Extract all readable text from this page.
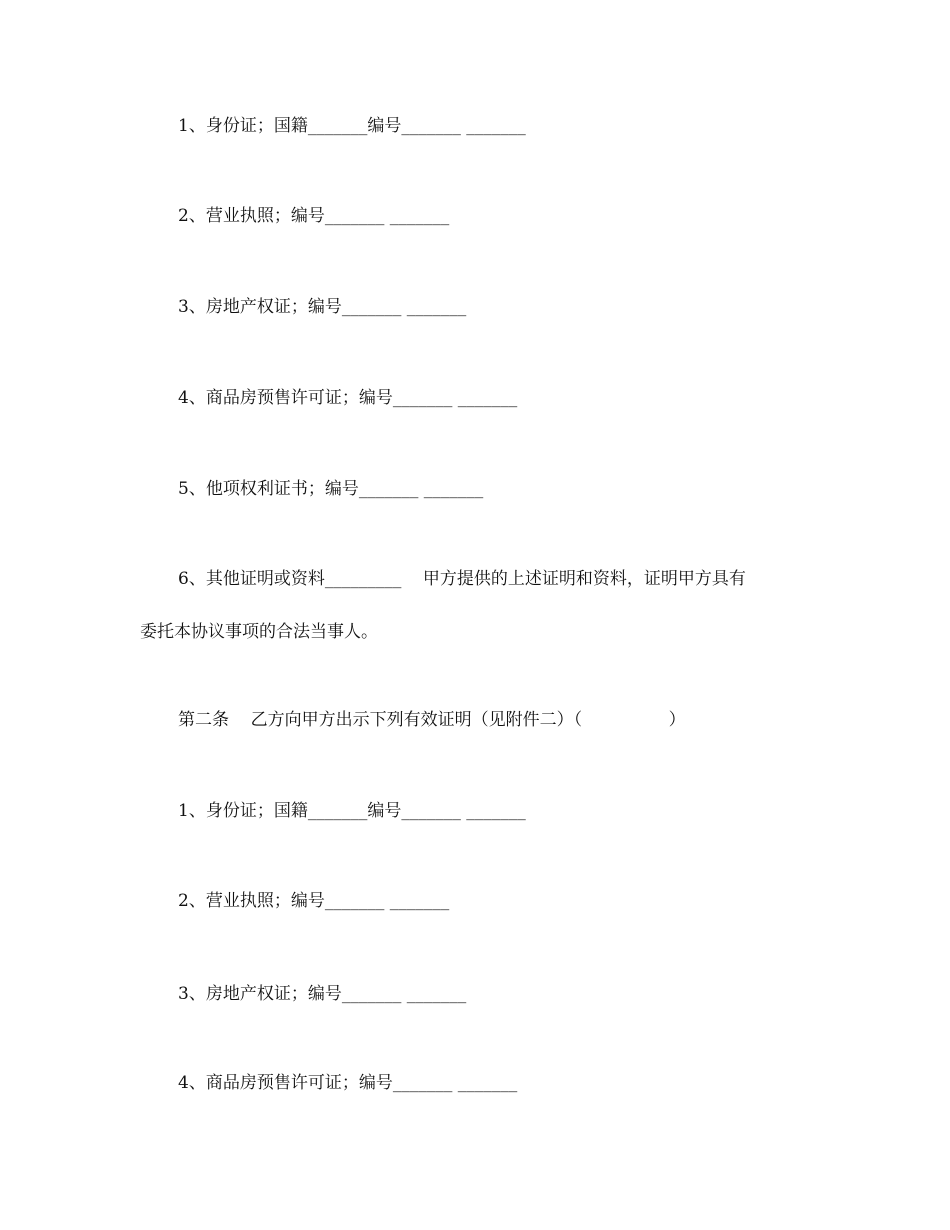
1、身份证；国籍_______编号_______ _______
2、营业执照；编号_______ _______
3、房地产权证；编号_______ _______
4、商品房预售许可证；编号_______ _______
5、他项权利证书；编号_______ _______
6、其他证明或资料_________    甲方提供的上述证明和资料，证明甲方具有
委托本协议事项的合法当事人。
第二条    乙方向甲方出示下列有效证明（见附件二）（                ）
1、身份证；国籍_______编号_______ _______
2、营业执照；编号_______ _______
3、房地产权证；编号_______ _______
4、商品房预售许可证；编号_______ _______
